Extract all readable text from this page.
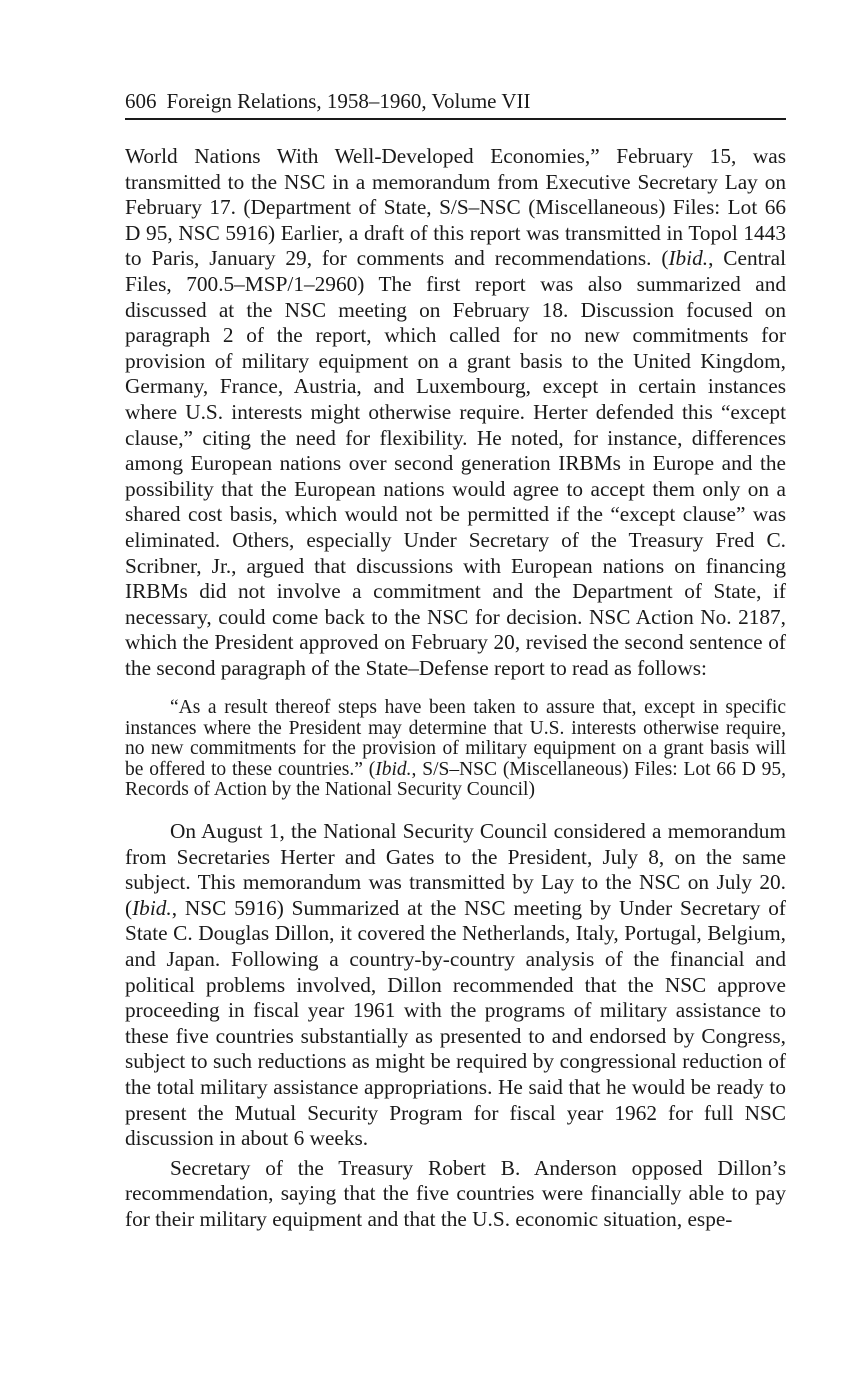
606 Foreign Relations, 1958–1960, Volume VII

World Nations With Well-Developed Economies,” February 15, was transmitted to the NSC in a memorandum from Executive Secretary Lay on February 17. (Department of State, S/S–NSC (Miscellaneous) Files: Lot 66 D 95, NSC 5916) Earlier, a draft of this report was transmitted in Topol 1443 to Paris, January 29, for comments and recommendations. (Ibid., Central Files, 700.5–MSP/1–2960) The first report was also summarized and discussed at the NSC meeting on February 18. Discussion focused on paragraph 2 of the report, which called for no new commitments for provision of military equipment on a grant basis to the United Kingdom, Germany, France, Austria, and Luxembourg, except in certain instances where U.S. interests might otherwise require. Herter defended this “except clause,” citing the need for flexibility. He noted, for instance, differences among European nations over second generation IRBMs in Europe and the possibility that the European nations would agree to accept them only on a shared cost basis, which would not be permitted if the “except clause” was eliminated. Others, especially Under Secretary of the Treasury Fred C. Scribner, Jr., argued that discussions with European nations on financing IRBMs did not involve a commitment and the Department of State, if necessary, could come back to the NSC for decision. NSC Action No. 2187, which the President approved on February 20, revised the second sentence of the second paragraph of the State–Defense report to read as follows:

“As a result thereof steps have been taken to assure that, except in specific instances where the President may determine that U.S. interests otherwise require, no new commitments for the provision of military equipment on a grant basis will be offered to these countries.” (Ibid., S/S–NSC (Miscellaneous) Files: Lot 66 D 95, Records of Action by the National Security Council)

On August 1, the National Security Council considered a memorandum from Secretaries Herter and Gates to the President, July 8, on the same subject. This memorandum was transmitted by Lay to the NSC on July 20. (Ibid., NSC 5916) Summarized at the NSC meeting by Under Secretary of State C. Douglas Dillon, it covered the Netherlands, Italy, Portugal, Belgium, and Japan. Following a country-by-country analysis of the financial and political problems involved, Dillon recommended that the NSC approve proceeding in fiscal year 1961 with the programs of military assistance to these five countries substantially as presented to and endorsed by Congress, subject to such reductions as might be required by congressional reduction of the total military assistance appropriations. He said that he would be ready to present the Mutual Security Program for fiscal year 1962 for full NSC discussion in about 6 weeks.

Secretary of the Treasury Robert B. Anderson opposed Dillon’s recommendation, saying that the five countries were financially able to pay for their military equipment and that the U.S. economic situation, espe-
